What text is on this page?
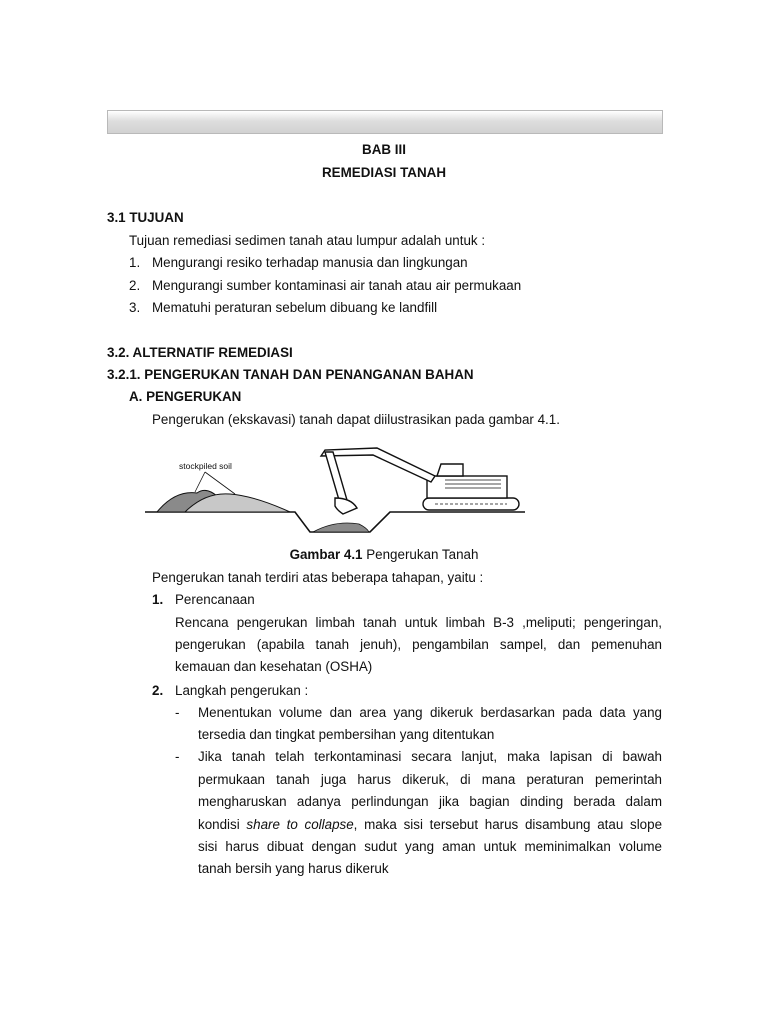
BAB III
REMEDIASI TANAH
3.1 TUJUAN
Tujuan remediasi sedimen tanah atau lumpur adalah untuk :
1. Mengurangi resiko terhadap manusia dan lingkungan
2. Mengurangi sumber kontaminasi air tanah atau air permukaan
3. Mematuhi peraturan sebelum dibuang ke landfill
3.2. ALTERNATIF REMEDIASI
3.2.1. PENGERUKAN TANAH DAN PENANGANAN BAHAN
A. PENGERUKAN
Pengerukan (ekskavasi) tanah dapat diilustrasikan pada gambar 4.1.
stockpiled soil
Gambar 4.1 Pengerukan Tanah
Pengerukan tanah terdiri atas beberapa tahapan, yaitu :
1. Perencanaan
Rencana pengerukan limbah tanah untuk limbah B-3 ,meliputi; pengeringan,
pengerukan (apabila tanah jenuh), pengambilan sampel, dan pemenuhan
kemauan dan kesehatan (OSHA)
2. Langkah pengerukan :
- Menentukan volume dan area yang dikeruk berdasarkan pada data yang
tersedia dan tingkat pembersihan yang ditentukan
- Jika tanah telah terkontaminasi secara lanjut, maka lapisan di bawah
permukaan tanah juga harus dikeruk, di mana peraturan pemerintah
mengharuskan adanya perlindungan jika bagian dinding berada dalam
kondisi share to collapse, maka sisi tersebut harus disambung atau slope
sisi harus dibuat dengan sudut yang aman untuk meminimalkan volume
tanah bersih yang harus dikeruk
